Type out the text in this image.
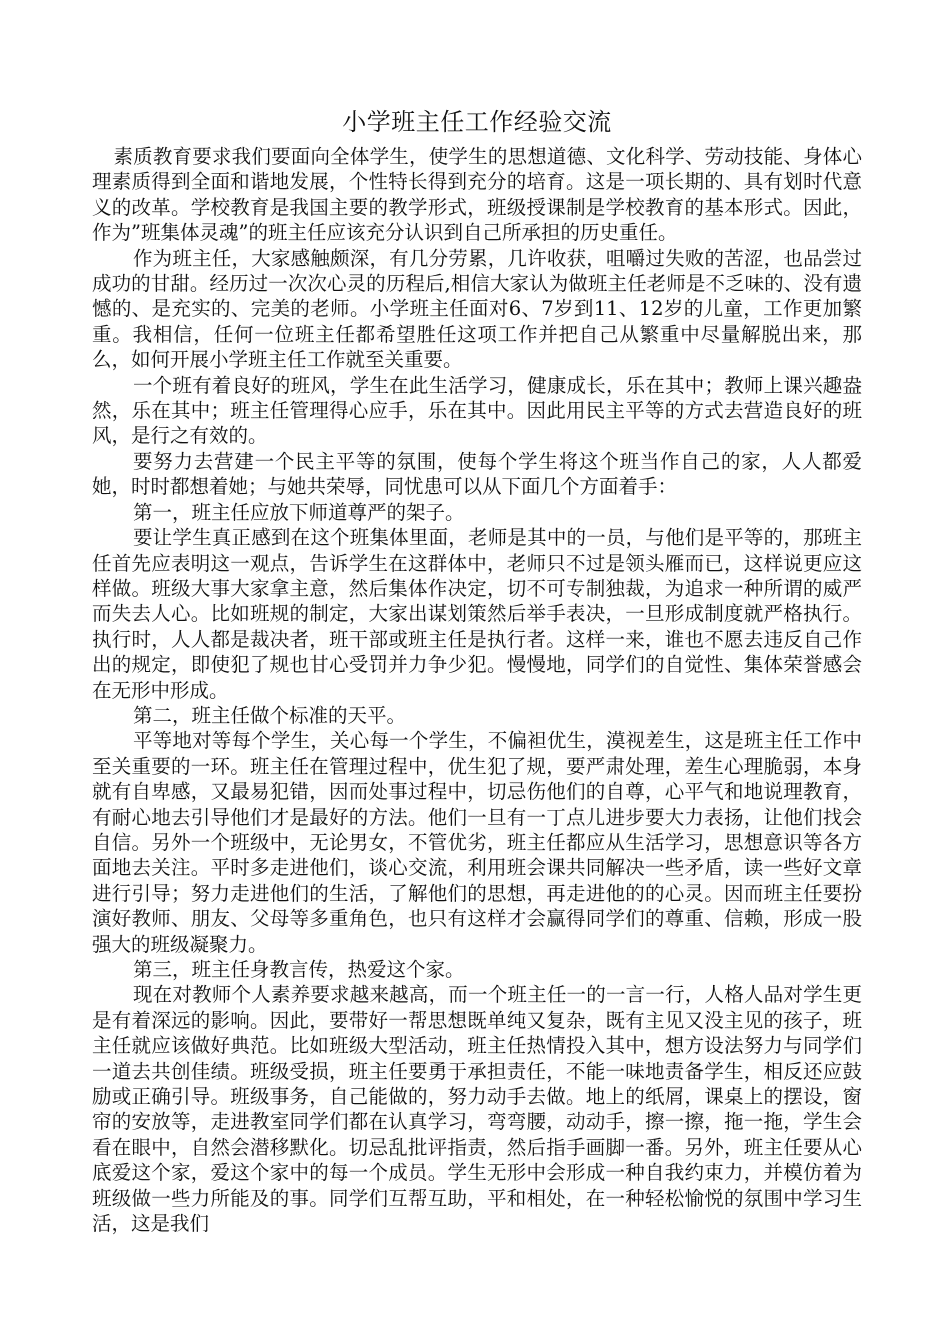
小学班主任工作经验交流

素质教育要求我们要面向全体学生，使学生的思想道德、文化科学、劳动技能、身体心理素质得到全面和谐地发展，个性特长得到充分的培育。这是一项长期的、具有划时代意义的改革。学校教育是我国主要的教学形式，班级授课制是学校教育的基本形式。因此，作为”班集体灵魂”的班主任应该充分认识到自己所承担的历史重任。

作为班主任，大家感触颇深，有几分劳累，几许收获，咀嚼过失败的苦涩，也品尝过成功的甘甜。经历过一次次心灵的历程后,相信大家认为做班主任老师是不乏味的、没有遗憾的、是充实的、完美的老师。小学班主任面对6、7岁到11、12岁的儿童，工作更加繁重。我相信，任何一位班主任都希望胜任这项工作并把自己从繁重中尽量解脱出来，那么，如何开展小学班主任工作就至关重要。

一个班有着良好的班风，学生在此生活学习，健康成长，乐在其中；教师上课兴趣盎然，乐在其中；班主任管理得心应手，乐在其中。因此用民主平等的方式去营造良好的班风，是行之有效的。

要努力去营建一个民主平等的氛围，使每个学生将这个班当作自己的家，人人都爱她，时时都想着她；与她共荣辱，同忧患可以从下面几个方面着手：

第一，班主任应放下师道尊严的架子。

要让学生真正感到在这个班集体里面，老师是其中的一员，与他们是平等的，那班主任首先应表明这一观点，告诉学生在这群体中，老师只不过是领头雁而已，这样说更应这样做。班级大事大家拿主意，然后集体作决定，切不可专制独裁，为追求一种所谓的威严而失去人心。比如班规的制定，大家出谋划策然后举手表决，一旦形成制度就严格执行。执行时，人人都是裁决者，班干部或班主任是执行者。这样一来，谁也不愿去违反自己作出的规定，即使犯了规也甘心受罚并力争少犯。慢慢地，同学们的自觉性、集体荣誉感会在无形中形成。

第二，班主任做个标准的天平。

平等地对等每个学生，关心每一个学生，不偏袒优生，漠视差生，这是班主任工作中至关重要的一环。班主任在管理过程中，优生犯了规，要严肃处理，差生心理脆弱，本身就有自卑感，又最易犯错，因而处事过程中，切忌伤他们的自尊，心平气和地说理教育，有耐心地去引导他们才是最好的方法。他们一旦有一丁点儿进步要大力表扬，让他们找会自信。另外一个班级中，无论男女，不管优劣，班主任都应从生活学习，思想意识等各方面地去关注。平时多走进他们，谈心交流，利用班会课共同解决一些矛盾，读一些好文章进行引导；努力走进他们的生活，了解他们的思想，再走进他的的心灵。因而班主任要扮演好教师、朋友、父母等多重角色，也只有这样才会赢得同学们的尊重、信赖，形成一股强大的班级凝聚力。

第三，班主任身教言传，热爱这个家。

现在对教师个人素养要求越来越高，而一个班主任一的一言一行，人格人品对学生更是有着深远的影响。因此，要带好一帮思想既单纯又复杂，既有主见又没主见的孩子，班主任就应该做好典范。比如班级大型活动，班主任热情投入其中，想方设法努力与同学们一道去共创佳绩。班级受损，班主任要勇于承担责任，不能一味地责备学生，相反还应鼓励或正确引导。班级事务，自己能做的，努力动手去做。地上的纸屑，课桌上的摆设，窗帘的安放等，走进教室同学们都在认真学习，弯弯腰，动动手，擦一擦，拖一拖，学生会看在眼中，自然会潜移默化。切忌乱批评指责，然后指手画脚一番。另外，班主任要从心底爱这个家，爱这个家中的每一个成员。学生无形中会形成一种自我约束力，并模仿着为班级做一些力所能及的事。同学们互帮互助，平和相处，在一种轻松愉悦的氛围中学习生活，这是我们
